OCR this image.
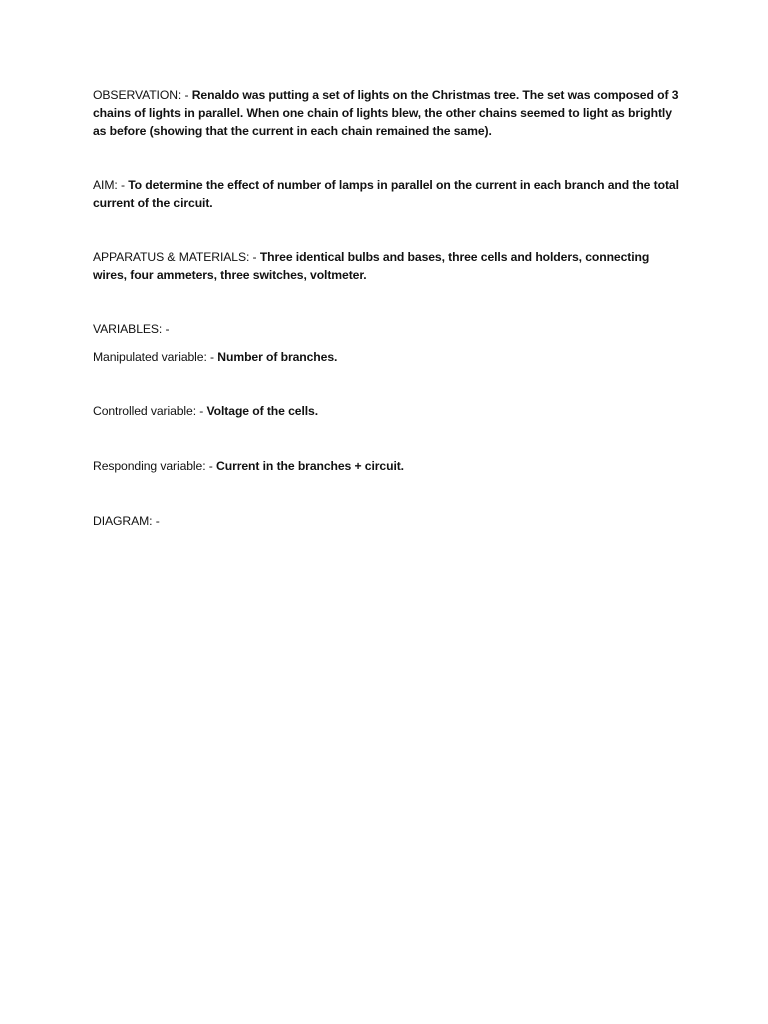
OBSERVATION: - Renaldo was putting a set of lights on the Christmas tree. The set was composed of 3 chains of lights in parallel. When one chain of lights blew, the other chains seemed to light as brightly as before (showing that the current in each chain remained the same).
AIM: - To determine the effect of number of lamps in parallel on the current in each branch and the total current of the circuit.
APPARATUS & MATERIALS: - Three identical bulbs and bases, three cells and holders, connecting wires, four ammeters, three switches, voltmeter.
VARIABLES: -
Manipulated variable: - Number of branches.
Controlled variable: - Voltage of the cells.
Responding variable: - Current in the branches + circuit.
DIAGRAM: -
